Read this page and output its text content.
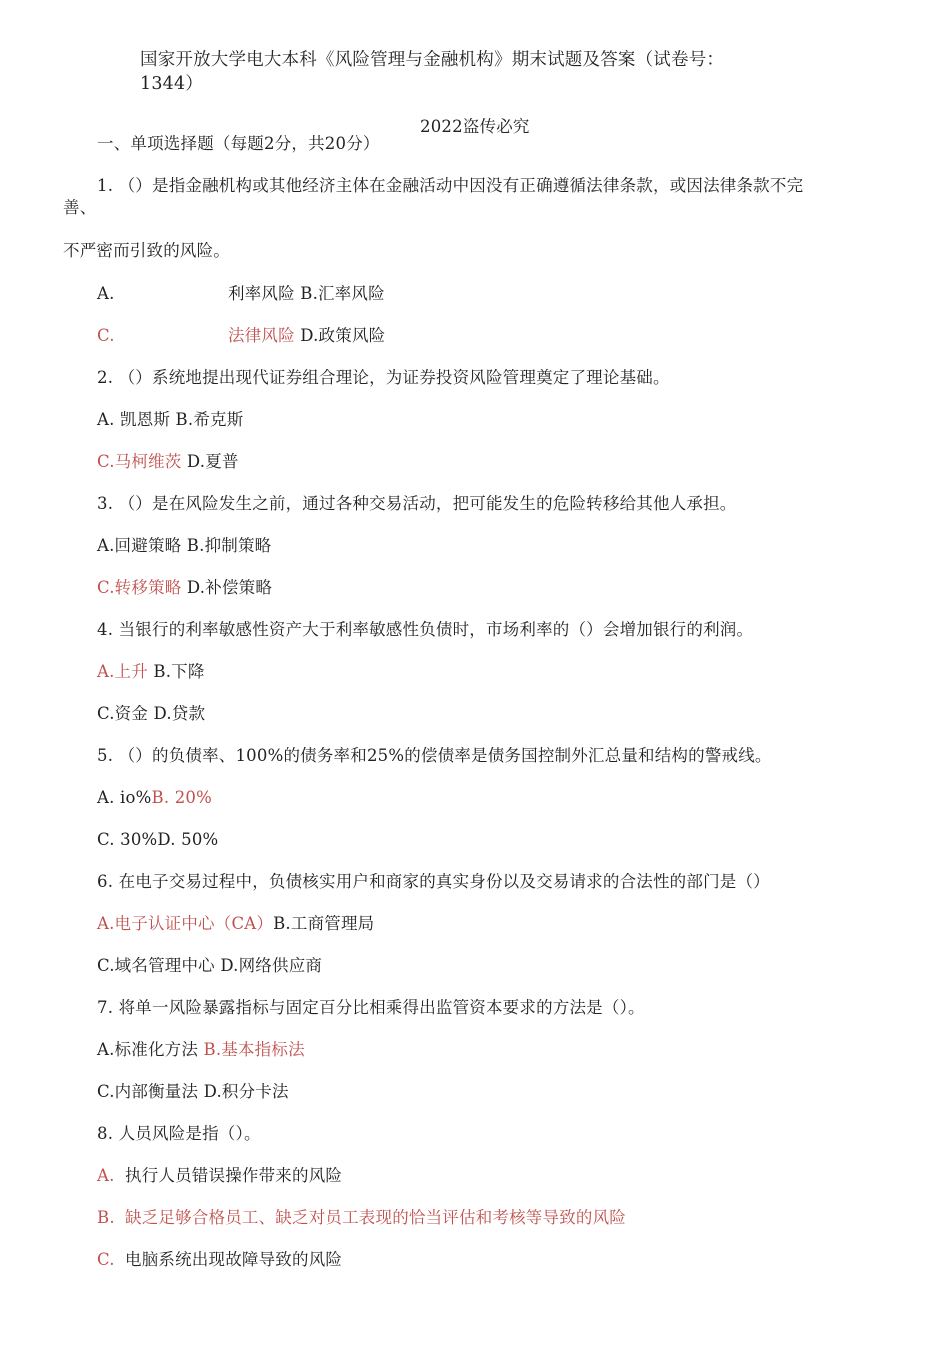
国家开放大学电大本科《风险管理与金融机构》期末试题及答案（试卷号：
1344）
2022盗传必究
一、单项选择题（每题2分，共20分）
1. （）是指金融机构或其他经济主体在金融活动中因没有正确遵循法律条款，或因法律条款不完
善、
不严密而引致的风险。
A.	利率风险 B.汇率风险
C.	法律风险 D.政策风险
2. （）系统地提出现代证券组合理论，为证券投资风险管理奠定了理论基础。
A. 凯恩斯 B.希克斯
C.马柯维茨 D.夏普
3. （）是在风险发生之前，通过各种交易活动，把可能发生的危险转移给其他人承担。
A.回避策略 B.抑制策略
C.转移策略 D.补偿策略
4. 当银行的利率敏感性资产大于利率敏感性负债时，市场利率的（）会增加银行的利润。
A.上升 B.下降
C.资金 D.贷款
5. （）的负债率、100%的债务率和25%的偿债率是债务国控制外汇总量和结构的警戒线。
A. io%B. 20%
C. 30%D. 50%
6. 在电子交易过程中，负债核实用户和商家的真实身份以及交易请求的合法性的部门是（）
A.电子认证中心（CA）B.工商管理局
C.域名管理中心 D.网络供应商
7. 将单一风险暴露指标与固定百分比相乘得出监管资本要求的方法是（）。
A.标准化方法 B.基本指标法
C.内部衡量法 D.积分卡法
8. 人员风险是指（）。
A. 执行人员错误操作带来的风险
B. 缺乏足够合格员工、缺乏对员工表现的恰当评估和考核等导致的风险
C. 电脑系统出现故障导致的风险
